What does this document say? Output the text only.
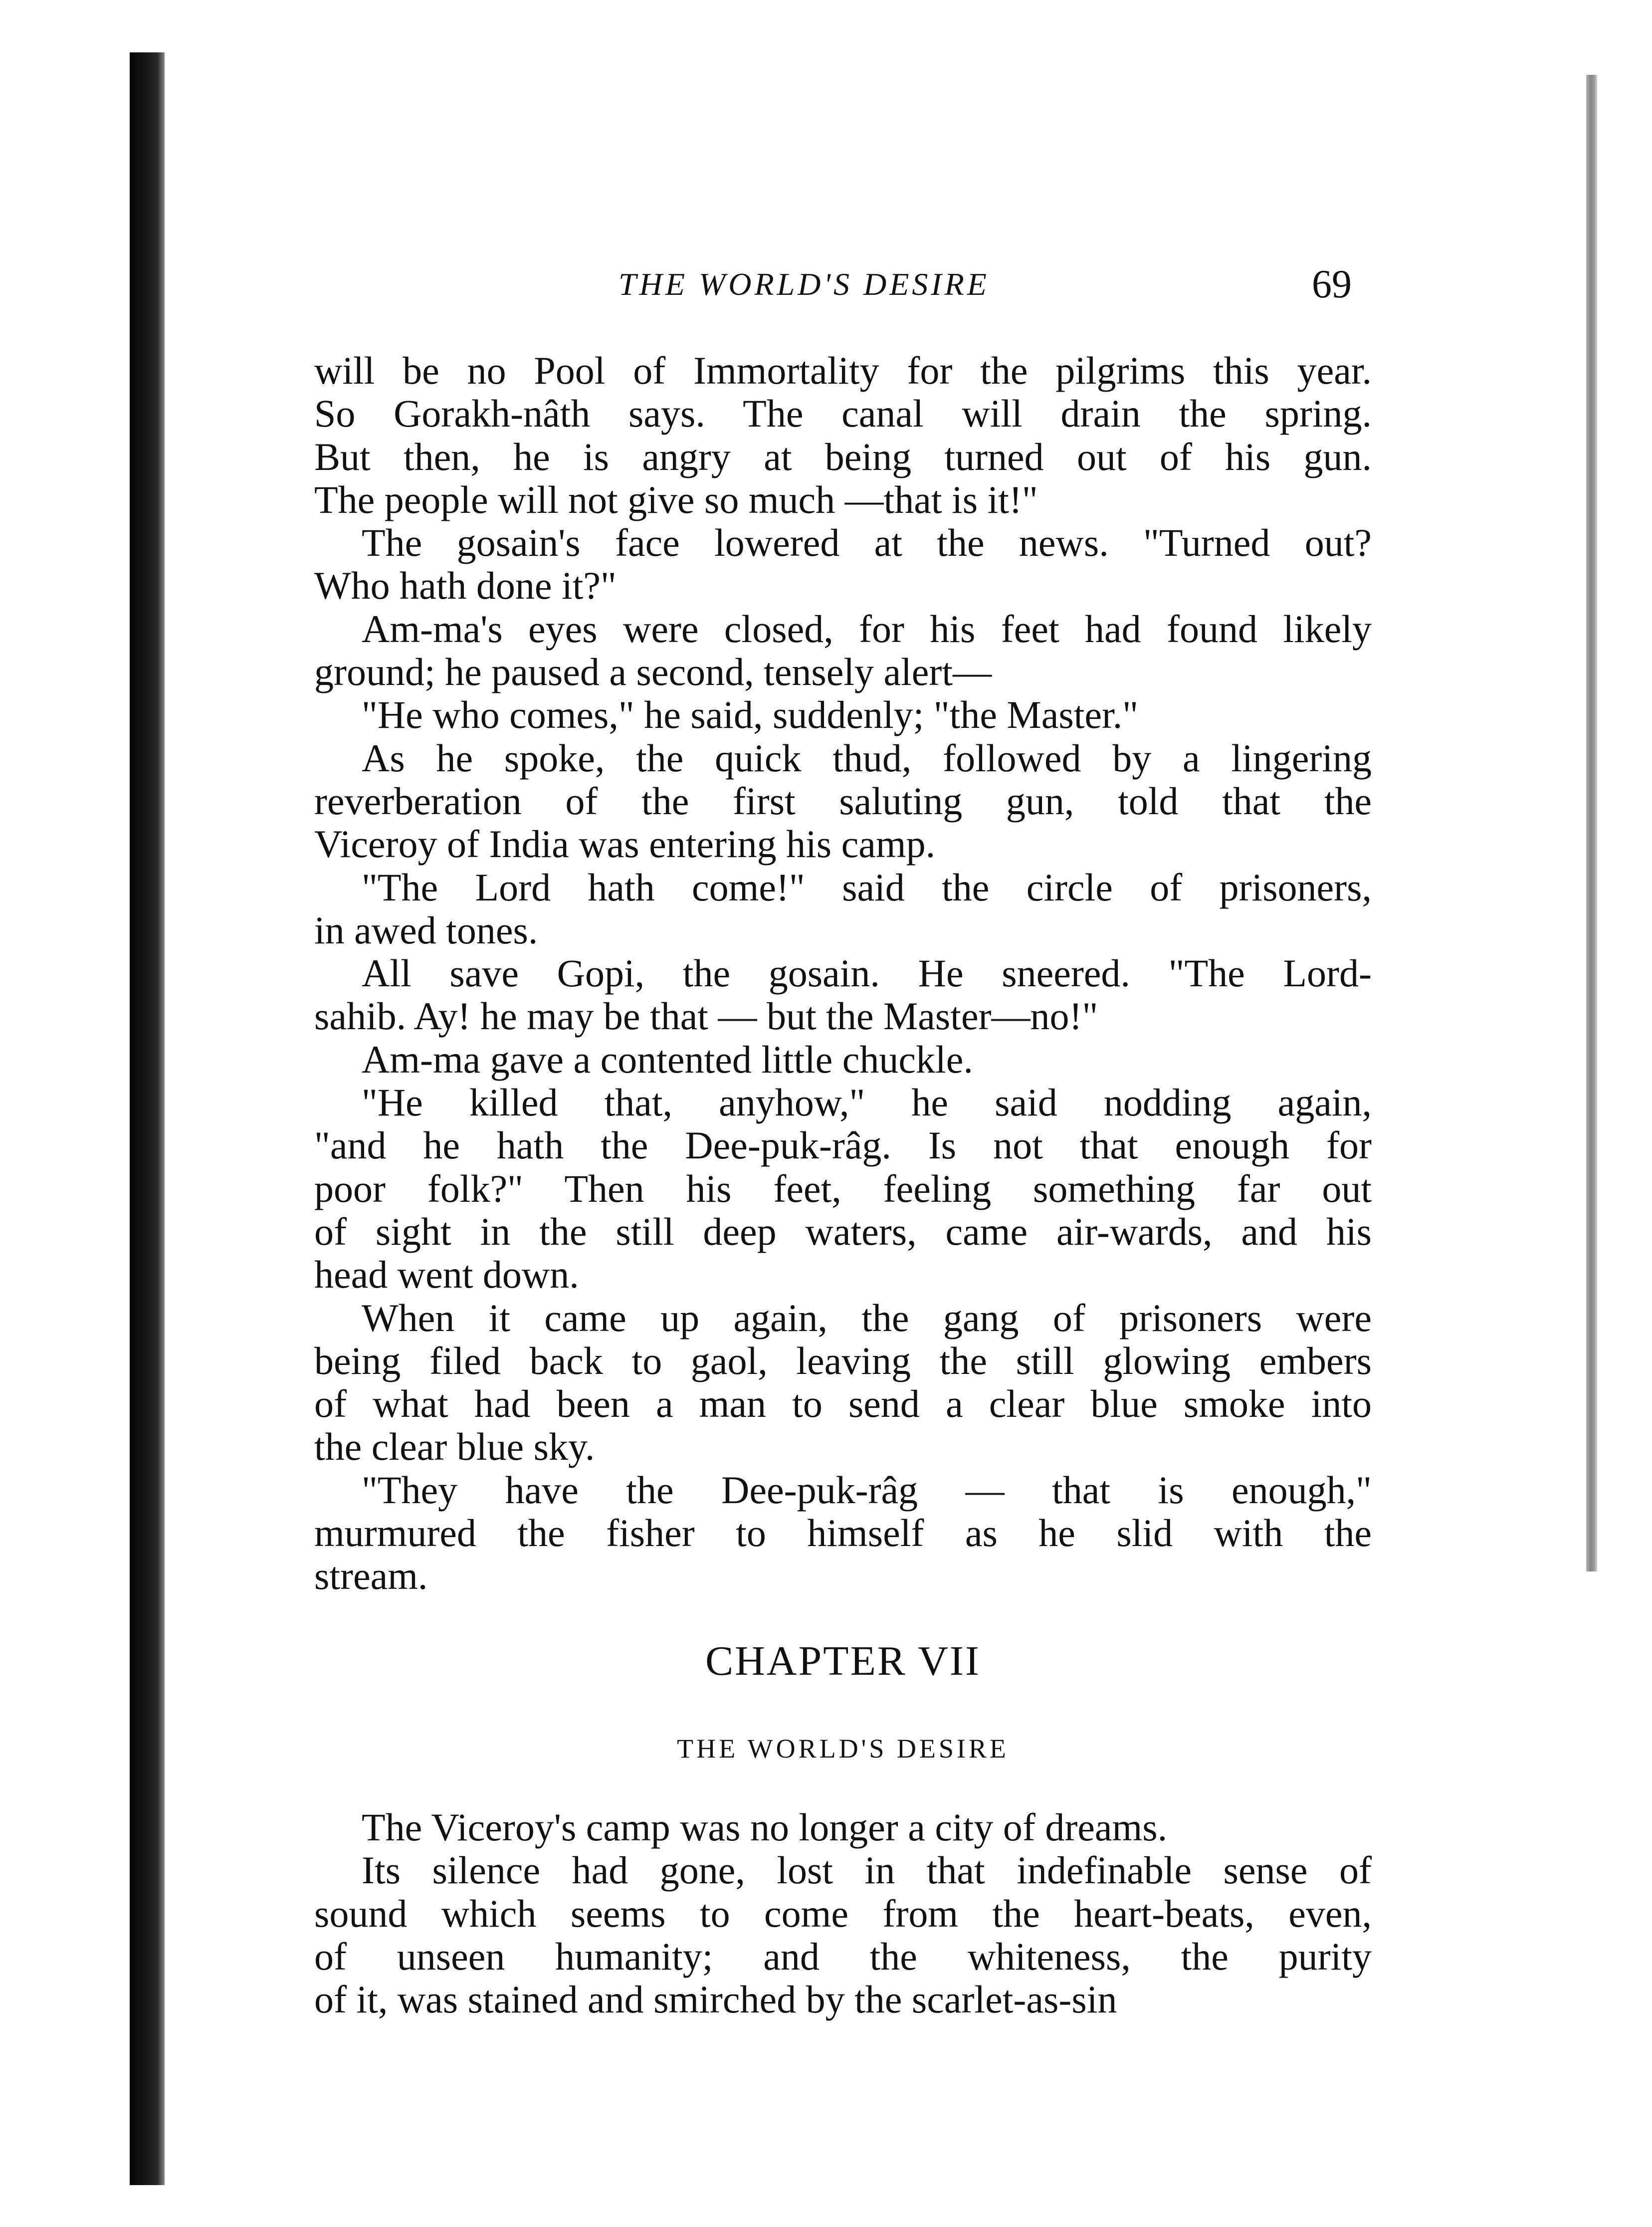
THE WORLD'S DESIRE	69
will be no Pool of Immortality for the pilgrims this year.
So Gorakh-nâth says. The canal will drain the spring.
But then, he is angry at being turned out of his gun.
The people will not give so much —that is it!"
The gosain's face lowered at the news. "Turned out?
Who hath done it?"
Am-ma's eyes were closed, for his feet had found likely
ground; he paused a second, tensely alert—
"He who comes," he said, suddenly; "the Master."
As he spoke, the quick thud, followed by a lingering
reverberation of the first saluting gun, told that the
Viceroy of India was entering his camp.
"The Lord hath come!" said the circle of prisoners,
in awed tones.
All save Gopi, the gosain. He sneered. "The Lord-
sahib. Ay! he may be that — but the Master—no!"
Am-ma gave a contented little chuckle.
"He killed that, anyhow," he said nodding again,
"and he hath the Dee-puk-râg. Is not that enough for
poor folk?" Then his feet, feeling something far out
of sight in the still deep waters, came air-wards, and his
head went down.
When it came up again, the gang of prisoners were
being filed back to gaol, leaving the still glowing embers
of what had been a man to send a clear blue smoke into
the clear blue sky.
"They have the Dee-puk-râg — that is enough,"
murmured the fisher to himself as he slid with the
stream.
CHAPTER VII
THE WORLD'S DESIRE
The Viceroy's camp was no longer a city of dreams.
Its silence had gone, lost in that indefinable sense of
sound which seems to come from the heart-beats, even,
of unseen humanity; and the whiteness, the purity
of it, was stained and smirched by the scarlet-as-sin
